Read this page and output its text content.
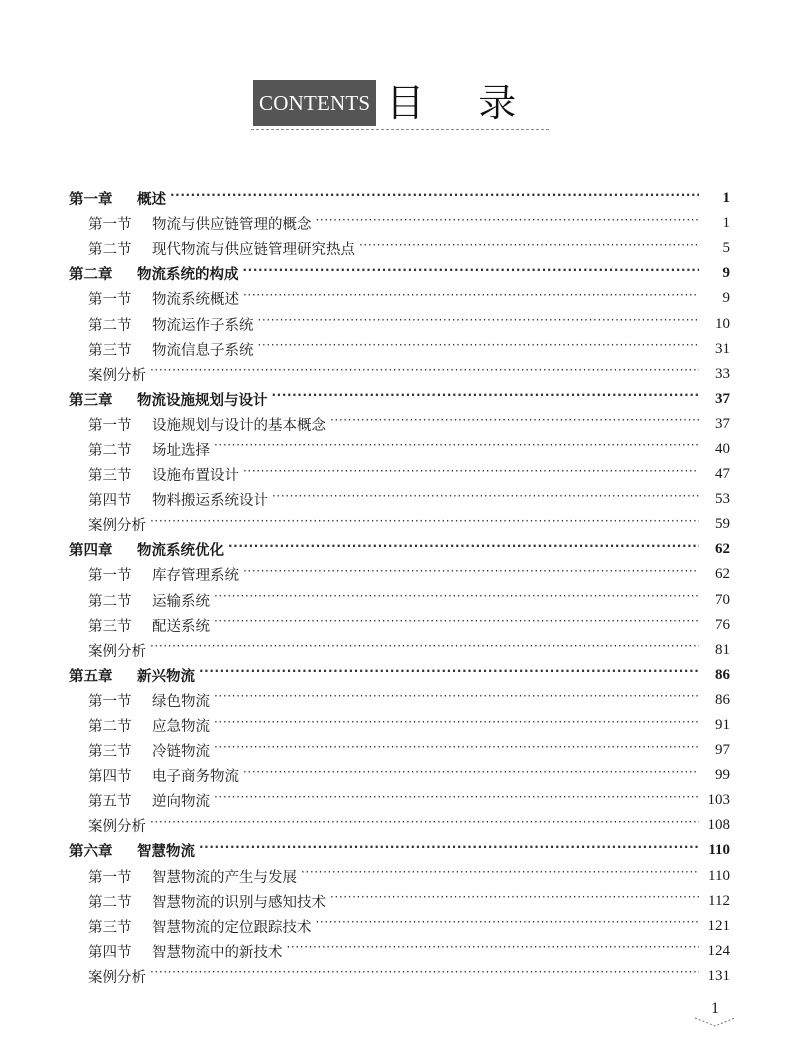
CONTENTS 目录
第一章	概述 ·····	1
第一节	物流与供应链管理的概念 ·····	1
第二节	现代物流与供应链管理研究热点 ·····	5
第二章	物流系统的构成 ·····	9
第一节	物流系统概述 ·····	9
第二节	物流运作子系统 ·····	10
第三节	物流信息子系统 ·····	31
案例分析 ·····	33
第三章	物流设施规划与设计 ·····	37
第一节	设施规划与设计的基本概念 ·····	37
第二节	场址选择 ·····	40
第三节	设施布置设计 ·····	47
第四节	物料搬运系统设计 ·····	53
案例分析 ·····	59
第四章	物流系统优化 ·····	62
第一节	库存管理系统 ·····	62
第二节	运输系统 ·····	70
第三节	配送系统 ·····	76
案例分析 ·····	81
第五章	新兴物流 ·····	86
第一节	绿色物流 ·····	86
第二节	应急物流 ·····	91
第三节	冷链物流 ·····	97
第四节	电子商务物流 ·····	99
第五节	逆向物流 ·····	103
案例分析 ·····	108
第六章	智慧物流 ·····	110
第一节	智慧物流的产生与发展 ·····	110
第二节	智慧物流的识别与感知技术 ·····	112
第三节	智慧物流的定位跟踪技术 ·····	121
第四节	智慧物流中的新技术 ·····	124
案例分析 ·····	131
1
